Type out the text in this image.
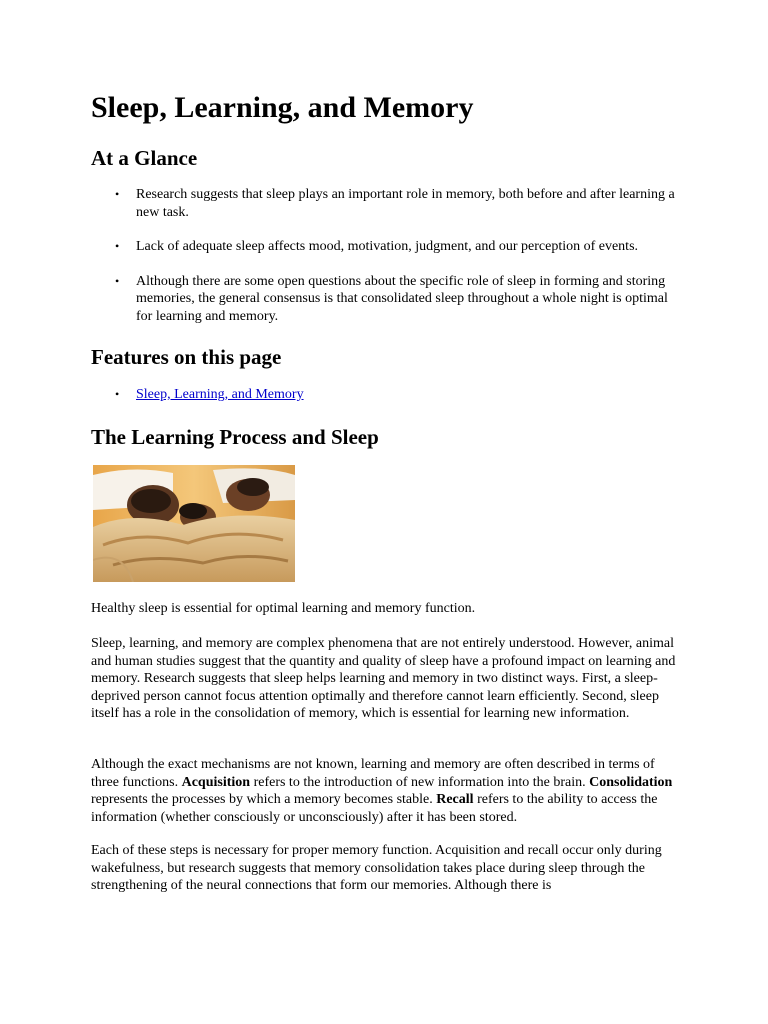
Sleep, Learning, and Memory
At a Glance
• Research suggests that sleep plays an important role in memory, both before and after learning a new task.
• Lack of adequate sleep affects mood, motivation, judgment, and our perception of events.
• Although there are some open questions about the specific role of sleep in forming and storing memories, the general consensus is that consolidated sleep throughout a whole night is optimal for learning and memory.
Features on this page
• Sleep, Learning, and Memory
The Learning Process and Sleep

Healthy sleep is essential for optimal learning and memory function.

Sleep, learning, and memory are complex phenomena that are not entirely understood. However, animal and human studies suggest that the quantity and quality of sleep have a profound impact on learning and memory. Research suggests that sleep helps learning and memory in two distinct ways. First, a sleep-deprived person cannot focus attention optimally and therefore cannot learn efficiently. Second, sleep itself has a role in the consolidation of memory, which is essential for learning new information.

Although the exact mechanisms are not known, learning and memory are often described in terms of three functions. Acquisition refers to the introduction of new information into the brain. Consolidation represents the processes by which a memory becomes stable. Recall refers to the ability to access the information (whether consciously or unconsciously) after it has been stored.

Each of these steps is necessary for proper memory function. Acquisition and recall occur only during wakefulness, but research suggests that memory consolidation takes place during sleep through the strengthening of the neural connections that form our memories. Although there is
